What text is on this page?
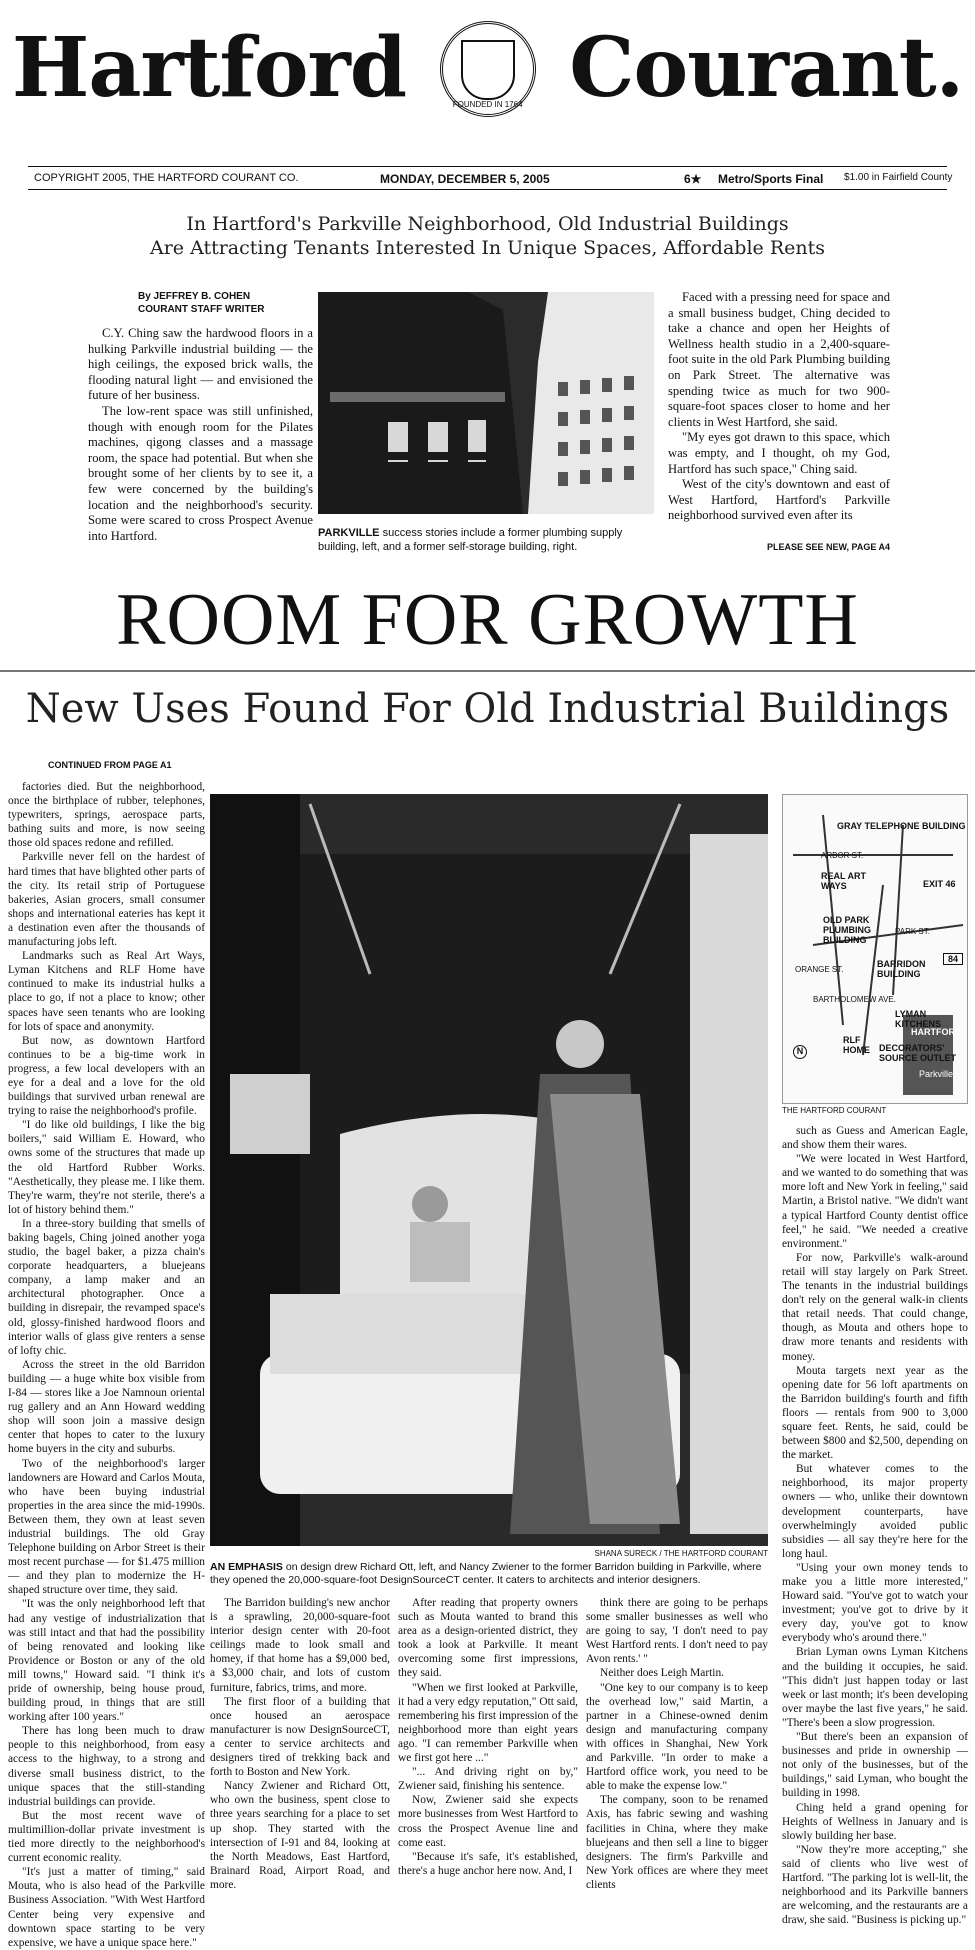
Hartford	FOUNDED IN 1764 Courant.
COPYRIGHT 2005, THE HARTFORD COURANT CO.	MONDAY, DECEMBER 5, 2005	6★ Metro/Sports Final $1.00 in Fairfield County
In Hartford's Parkville Neighborhood, Old Industrial Buildings
Are Attracting Tenants Interested In Unique Spaces, Affordable Rents
By JEFFREY B. COHEN
COURANT STAFF WRITER

C.Y. Ching saw the hardwood floors in a hulking Parkville industrial building — the high ceilings, the exposed brick walls, the flooding natural light — and envisioned the future of her business.

The low-rent space was still unfinished, though with enough room for the Pilates machines, qigong classes and a massage room, the space had potential. But when she brought some of her clients by to see it, a few were concerned by the building's location and the neighborhood's security. Some were scared to cross Prospect Avenue into Hartford.	PARKVILLE success stories include a former plumbing supply building, left, and a former self-storage building, right.

Faced with a pressing need for space and a small business budget, Ching decided to take a chance and open her Heights of Wellness health studio in a 2,400-square-foot suite in the old Park Plumbing building on Park Street. The alternative was spending twice as much for two 900-square-foot spaces closer to home and her clients in West Hartford, she said.

"My eyes got drawn to this space, which was empty, and I thought, oh my God, Hartford has such space," Ching said.

West of the city's downtown and east of West Hartford, Hartford's Parkville neighborhood survived even after its

PLEASE SEE NEW, PAGE A4
ROOM FOR GROWTH
New Uses Found For Old Industrial Buildings
CONTINUED FROM PAGE A1

factories died. But the neighborhood, once the birthplace of rubber, telephones, typewriters, springs, aerospace parts, bathing suits and more, is now seeing those old spaces redone and refilled.

Parkville never fell on the hardest of hard times that have blighted other parts of the city. Its retail strip of Portuguese bakeries, Asian grocers, small consumer shops and international eateries has kept it a destination even after the thousands of manufacturing jobs left.

Landmarks such as Real Art Ways, Lyman Kitchens and RLF Home have continued to make its industrial hulks a place to go, if not a place to know; other spaces have seen tenants who are looking for lots of space and anonymity.

But now, as downtown Hartford continues to be a big-time work in progress, a few local developers with an eye for a deal and a love for the old buildings that survived urban renewal are trying to raise the neighborhood's profile.

"I do like old buildings, I like the big boilers," said William E. Howard, who owns some of the structures that made up the old Hartford Rubber Works. "Aesthetically, they please me. I like them. They're warm, they're not sterile, there's a lot of history behind them."

In a three-story building that smells of baking bagels, Ching joined another yoga studio, the bagel baker, a pizza chain's corporate headquarters, a bluejeans company, a lamp maker and an architectural photographer. Once a building in disrepair, the revamped space's old, glossy-finished hardwood floors and interior walls of glass give renters a sense of lofty chic.

Across the street in the old Barridon building — a huge white box visible from I-84 — stores like a Joe Namnoun oriental rug gallery and an Ann Howard wedding shop will soon join a massive design center that hopes to cater to the luxury home buyers in the city and suburbs.

Two of the neighborhood's larger landowners are Howard and Carlos Mouta, who have been buying industrial properties in the area since the mid-1990s. Between them, they own at least seven industrial buildings. The old Gray Telephone building on Arbor Street is their most recent purchase — for $1.475 million — and they plan to modernize the H-shaped structure over time, they said.

"It was the only neighborhood left that had any vestige of industrialization that was still intact and that had the possibility of being renovated and looking like Providence or Boston or any of the old mill towns," Howard said. "I think it's pride of ownership, being house proud, building proud, in things that are still working after 100 years."

There has long been much to draw people to this neighborhood, from easy access to the highway, to a strong and diverse small business district, to the unique spaces that the still-standing industrial buildings can provide.

But the most recent wave of multimillion-dollar private investment is tied more directly to the neighborhood's current economic reality.

"It's just a matter of timing," said Mouta, who is also head of the Parkville Business Association. "With West Hartford Center being very expensive and downtown space starting to be very expensive, we have a unique space here."

SHANA SURECK / THE HARTFORD COURANT
AN EMPHASIS on design drew Richard Ott, left, and Nancy Zwiener to the former Barridon building in Parkville, where they opened the 20,000-square-foot DesignSourceCT center. It caters to architects and interior designers.
GRAY TELEPHONE BUILDING
ARBOR ST.
REAL ART WAYS	EXIT 46
OLD PARK PLUMBING BUILDING
ORANGE ST.
PARK ST.
84
BARRIDON BUILDING
BARTHOLOMEW AVE.
LYMAN KITCHENS
RLF HOME	DECORATORS' SOURCE OUTLET
N
HARTFORD
Parkville
THE HARTFORD COURANT

such as Guess and American Eagle, and show them their wares.

"We were located in West Hartford, and we wanted to do something that was more loft and New York in feeling," said Martin, a Bristol native. "We didn't want a typical Hartford County dentist office feel," he said. "We needed a creative environment."

For now, Parkville's walk-around retail will stay largely on Park Street. The tenants in the industrial buildings don't rely on the general walk-in clients that retail needs. That could change, though, as Mouta and others hope to draw more tenants and residents with money.

Mouta targets next year as the opening date for 56 loft apartments on the Barridon building's fourth and fifth floors — rentals from 900 to 3,000 square feet. Rents, he said, could be between $800 and $2,500, depending on the market.

But whatever comes to the neighborhood, its major property owners — who, unlike their downtown development counterparts, have overwhelmingly avoided public subsidies — all say they're here for the long haul.

"Using your own money tends to make you a little more interested," Howard said. "You've got to watch your investment; you've got to drive by it every day, you've got to know everybody who's around there."

Brian Lyman owns Lyman Kitchens and the building it occupies, he said. "This didn't just happen today or last week or last month; it's been developing over maybe the last five years," he said. "There's been a slow progression.

"But there's been an expansion of businesses and pride in ownership — not only of the businesses, but of the buildings," said Lyman, who bought the building in 1998.

Ching held a grand opening for Heights of Wellness in January and is slowly building her base.

"Now they're more accepting," she said of clients who live west of Hartford. "The parking lot is well-lit, the neighborhood and its Parkville banners are welcoming, and the restaurants are a draw, she said. "Business is picking up."

The Barridon building's new anchor is a sprawling, 20,000-square-foot interior design center with 20-foot ceilings made to look small and homey, if that home has a $9,000 bed, a $3,000 chair, and lots of custom furniture, fabrics, trims, and more.

The first floor of a building that once housed an aerospace manufacturer is now DesignSourceCT, a center to service architects and designers tired of trekking back and forth to Boston and New York.

Nancy Zwiener and Richard Ott, who own the business, spent close to three years searching for a place to set up shop. They started with the intersection of I-91 and 84, looking at the North Meadows, East Hartford, Brainard Road, Airport Road, and more.

After reading that property owners such as Mouta wanted to brand this area as a design-oriented district, they took a look at Parkville. It meant overcoming some first impressions, they said.

"When we first looked at Parkville, it had a very edgy reputation," Ott said, remembering his first impression of the neighborhood more than eight years ago. "I can remember Parkville when we first got here ..."

"... And driving right on by," Zwiener said, finishing his sentence.

Now, Zwiener said she expects more businesses from West Hartford to cross the Prospect Avenue line and come east.

"Because it's safe, it's established, there's a huge anchor here now. And, I

think there are going to be perhaps some smaller businesses as well who are going to say, 'I don't need to pay West Hartford rents. I don't need to pay Avon rents.' "

Neither does Leigh Martin.

"One key to our company is to keep the overhead low," said Martin, a partner in a Chinese-owned denim design and manufacturing company with offices in Shanghai, New York and Parkville. "In order to make a Hartford office work, you need to be able to make the expense low."

The company, soon to be renamed Axis, has fabric sewing and washing facilities in China, where they make bluejeans and then sell a line to bigger designers. The firm's Parkville and New York offices are where they meet clients
